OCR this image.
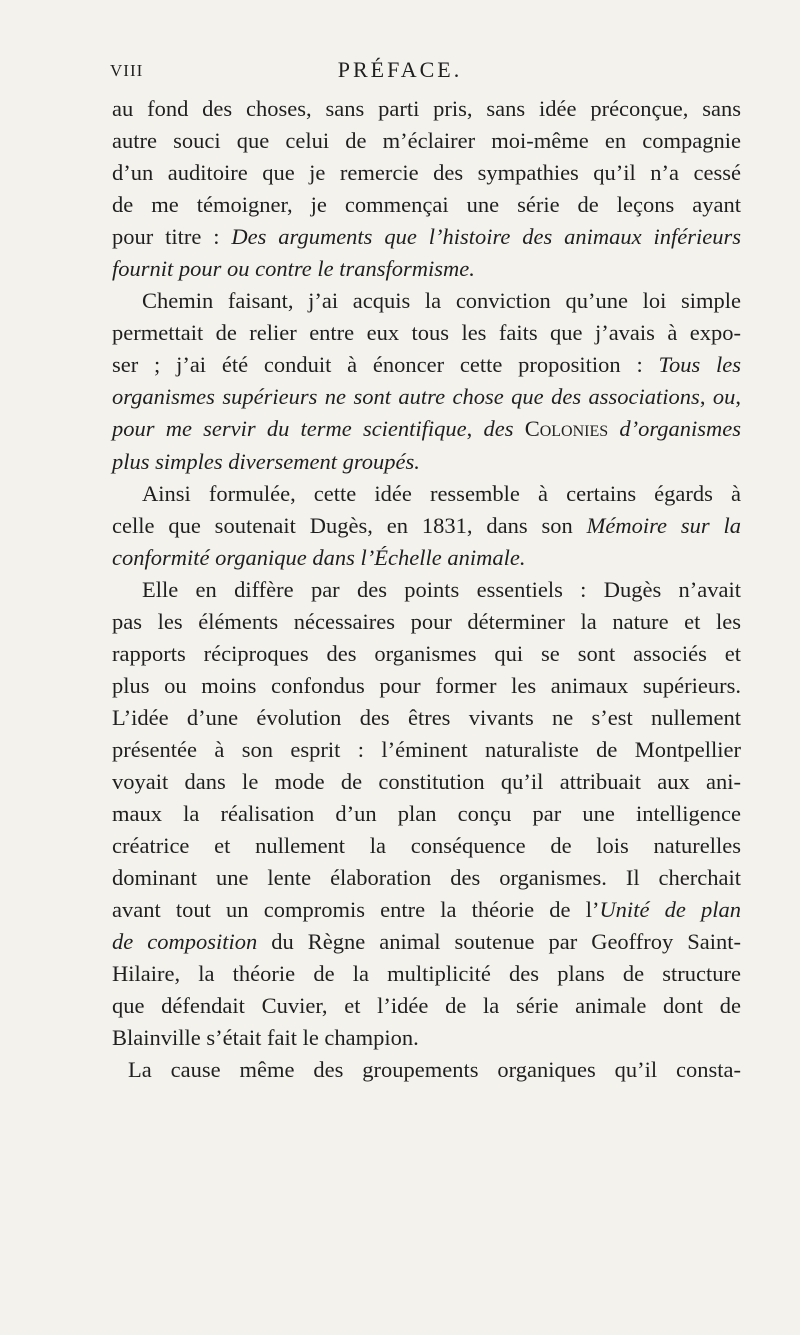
VIII	PRÉFACE.
au fond des choses, sans parti pris, sans idée préconçue, sans
autre souci que celui de m’éclairer moi-même en compagnie
d’un auditoire que je remercie des sympathies qu’il n’a cessé
de me témoigner, je commençai une série de leçons ayant
pour titre : Des arguments que l’histoire des animaux inférieurs
fournit pour ou contre le transformisme.
Chemin faisant, j’ai acquis la conviction qu’une loi simple
permettait de relier entre eux tous les faits que j’avais à expo-
ser ; j’ai été conduit à énoncer cette proposition : Tous les
organismes supérieurs ne sont autre chose que des associations, ou,
pour me servir du terme scientifique, des Colonies d’organismes
plus simples diversement groupés.
Ainsi formulée, cette idée ressemble à certains égards à
celle que soutenait Dugès, en 1831, dans son Mémoire sur la
conformité organique dans l’Échelle animale.
Elle en diffère par des points essentiels : Dugès n’avait
pas les éléments nécessaires pour déterminer la nature et les
rapports réciproques des organismes qui se sont associés et
plus ou moins confondus pour former les animaux supérieurs.
L’idée d’une évolution des êtres vivants ne s’est nullement
présentée à son esprit : l’éminent naturaliste de Montpellier
voyait dans le mode de constitution qu’il attribuait aux ani-
maux la réalisation d’un plan conçu par une intelligence
créatrice et nullement la conséquence de lois naturelles
dominant une lente élaboration des organismes. Il cherchait
avant tout un compromis entre la théorie de l’Unité de plan
de composition du Règne animal soutenue par Geoffroy Saint-
Hilaire, la théorie de la multiplicité des plans de structure
que défendait Cuvier, et l’idée de la série animale dont de
Blainville s’était fait le champion.
La cause même des groupements organiques qu’il consta-
